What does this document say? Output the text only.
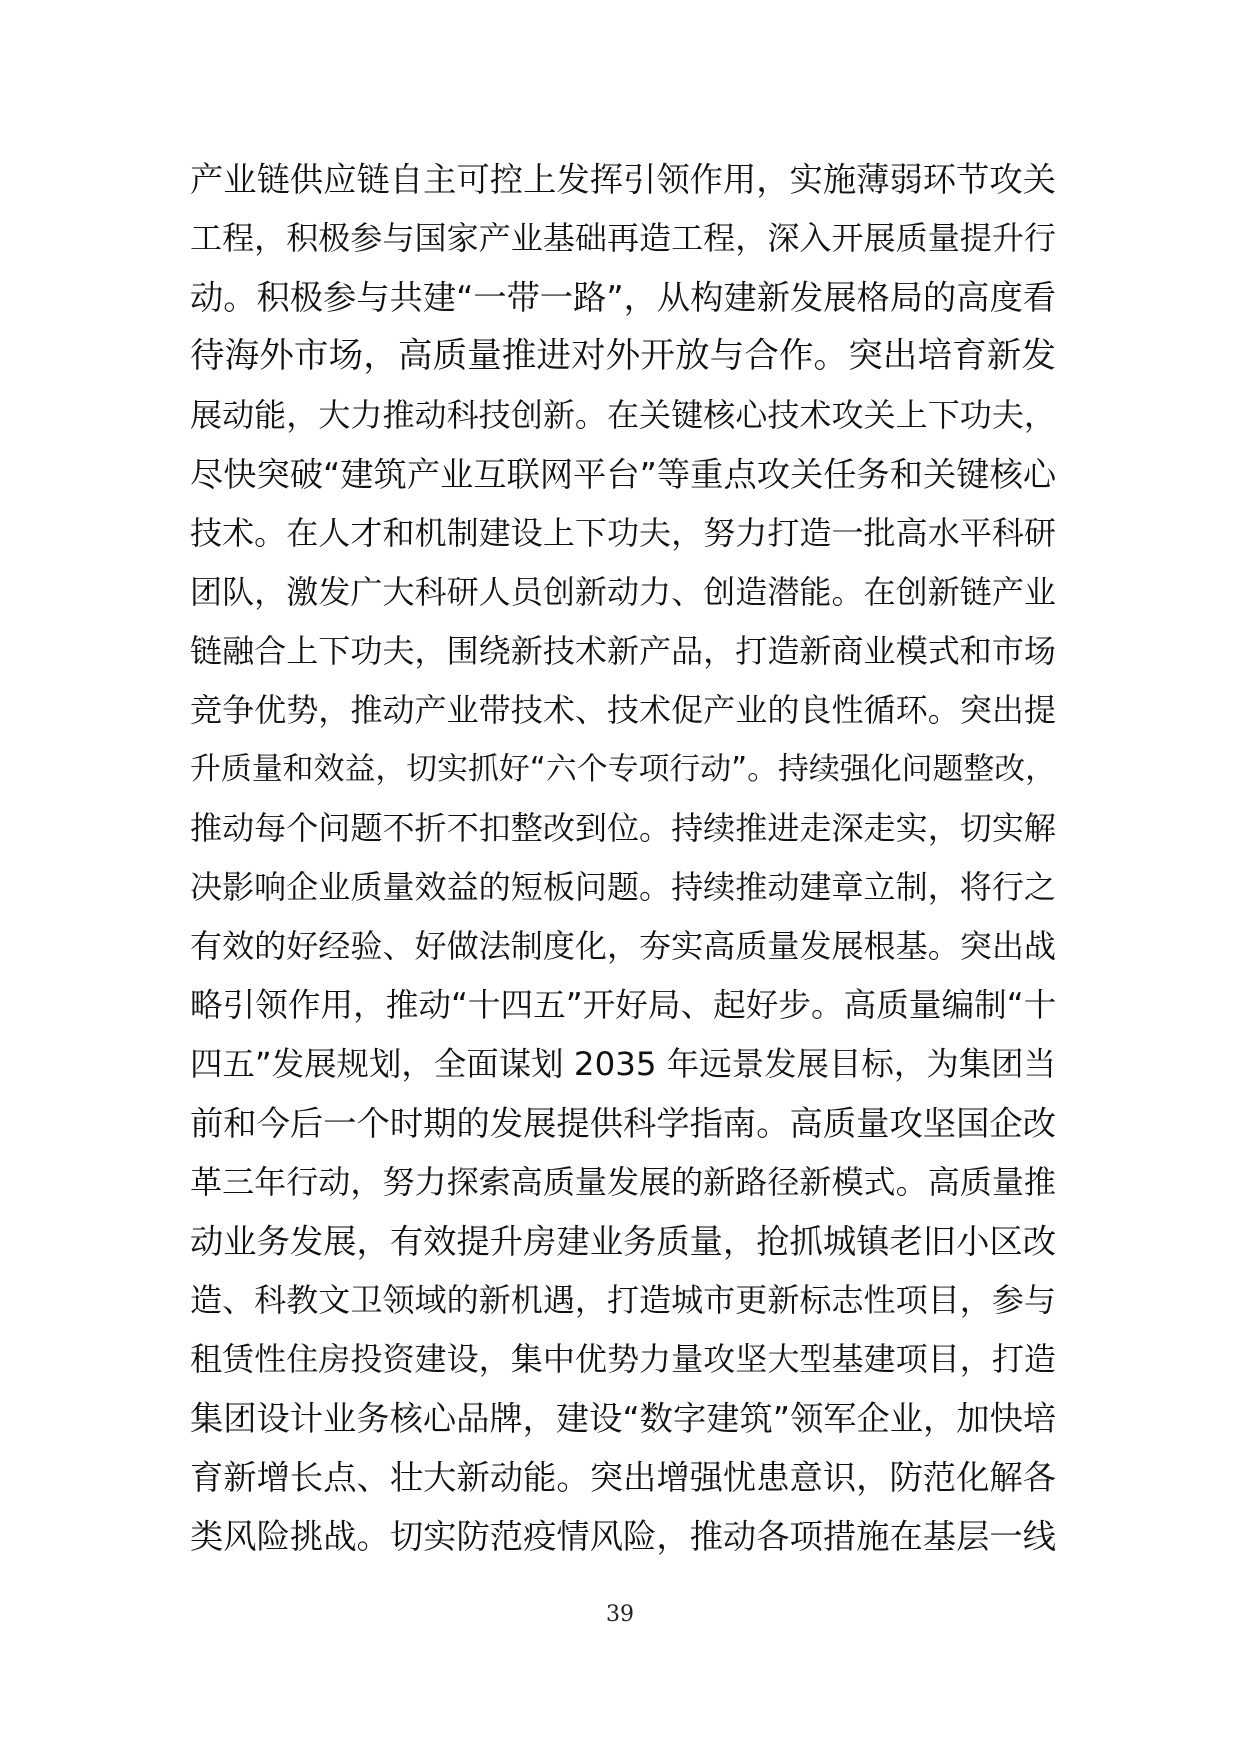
产业链供应链自主可控上发挥引领作用，实施薄弱环节攻关
工程，积极参与国家产业基础再造工程，深入开展质量提升行
动。积极参与共建“一带一路”，从构建新发展格局的高度看
待海外市场，高质量推进对外开放与合作。突出培育新发
展动能，大力推动科技创新。在关键核心技术攻关上下功夫，
尽快突破“建筑产业互联网平台”等重点攻关任务和关键核心
技术。在人才和机制建设上下功夫，努力打造一批高水平科研
团队，激发广大科研人员创新动力、创造潜能。在创新链产业
链融合上下功夫，围绕新技术新产品，打造新商业模式和市场
竞争优势，推动产业带技术、技术促产业的良性循环。突出提
升质量和效益，切实抓好“六个专项行动”。持续强化问题整改，
推动每个问题不折不扣整改到位。持续推进走深走实，切实解
决影响企业质量效益的短板问题。持续推动建章立制，将行之
有效的好经验、好做法制度化，夯实高质量发展根基。突出战
略引领作用，推动“十四五”开好局、起好步。高质量编制“十
四五”发展规划，全面谋划 2035 年远景发展目标，为集团当
前和今后一个时期的发展提供科学指南。高质量攻坚国企改
革三年行动，努力探索高质量发展的新路径新模式。高质量推
动业务发展，有效提升房建业务质量，抢抓城镇老旧小区改
造、科教文卫领域的新机遇，打造城市更新标志性项目，参与
租赁性住房投资建设，集中优势力量攻坚大型基建项目，打造
集团设计业务核心品牌，建设“数字建筑”领军企业，加快培
育新增长点、壮大新动能。突出增强忧患意识，防范化解各
类风险挑战。切实防范疫情风险，推动各项措施在基层一线
39
